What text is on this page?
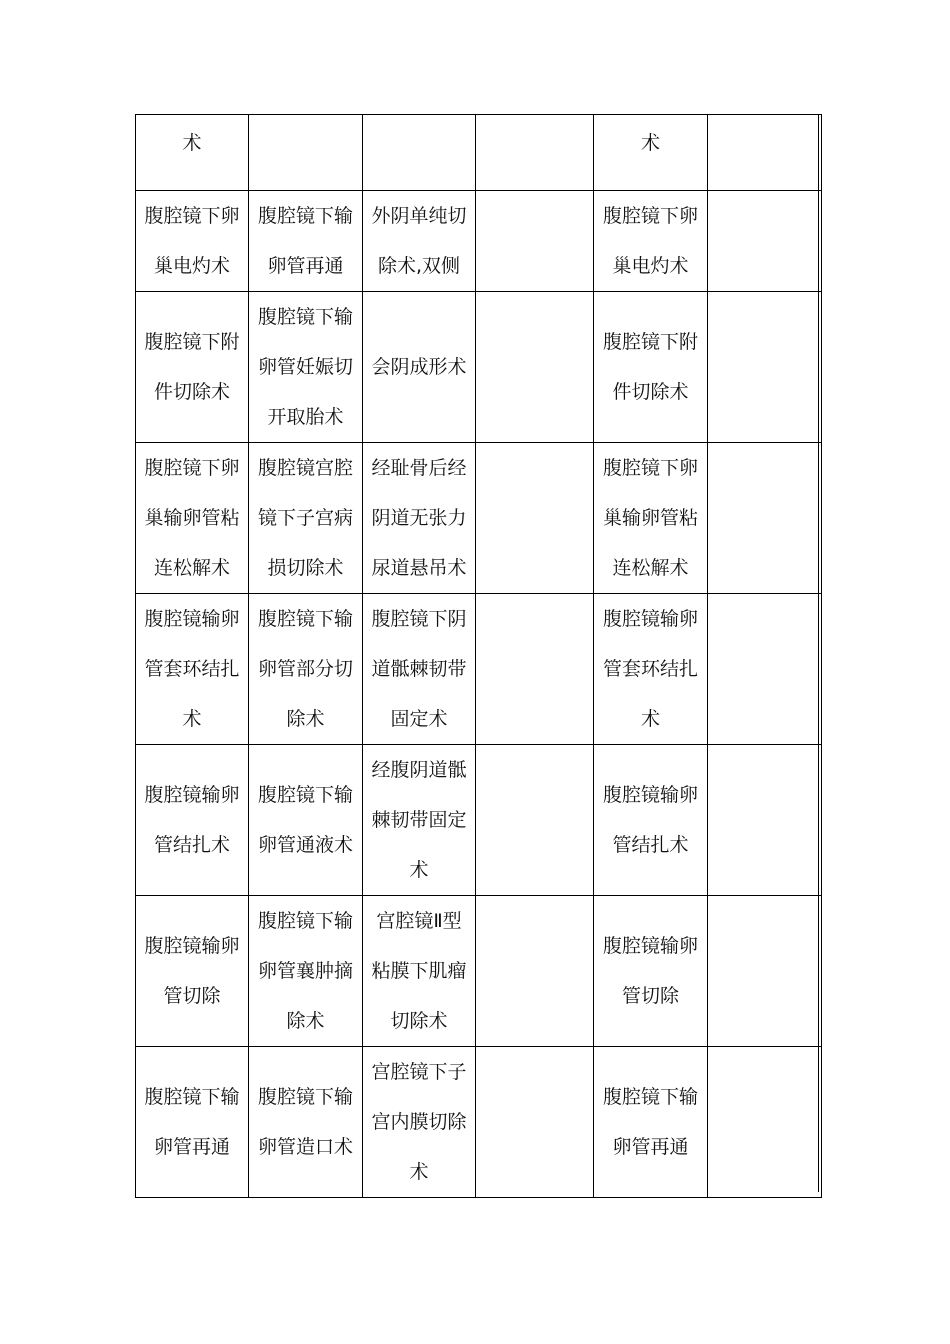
术				术	

腹腔镜下卵巢电灼术	腹腔镜下输卵管再通	外阴单纯切除术,双侧		腹腔镜下卵巢电灼术	

腹腔镜下附件切除术	腹腔镜下输卵管妊娠切开取胎术	会阴成形术		腹腔镜下附件切除术	

腹腔镜下卵巢输卵管粘连松解术	腹腔镜宫腔镜下子宫病损切除术	经耻骨后经阴道无张力尿道悬吊术		腹腔镜下卵巢输卵管粘连松解术	

腹腔镜输卵管套环结扎术	腹腔镜下输卵管部分切除术	腹腔镜下阴道骶棘韧带固定术		腹腔镜输卵管套环结扎术	

腹腔镜输卵管结扎术	腹腔镜下输卵管通液术	经腹阴道骶棘韧带固定术		腹腔镜输卵管结扎术	

腹腔镜输卵管切除	腹腔镜下输卵管襄肿摘除术	宫腔镜Ⅱ型粘膜下肌瘤切除术		腹腔镜输卵管切除	

腹腔镜下输卵管再通	腹腔镜下输卵管造口术	宫腔镜下子宫内膜切除术		腹腔镜下输卵管再通	
